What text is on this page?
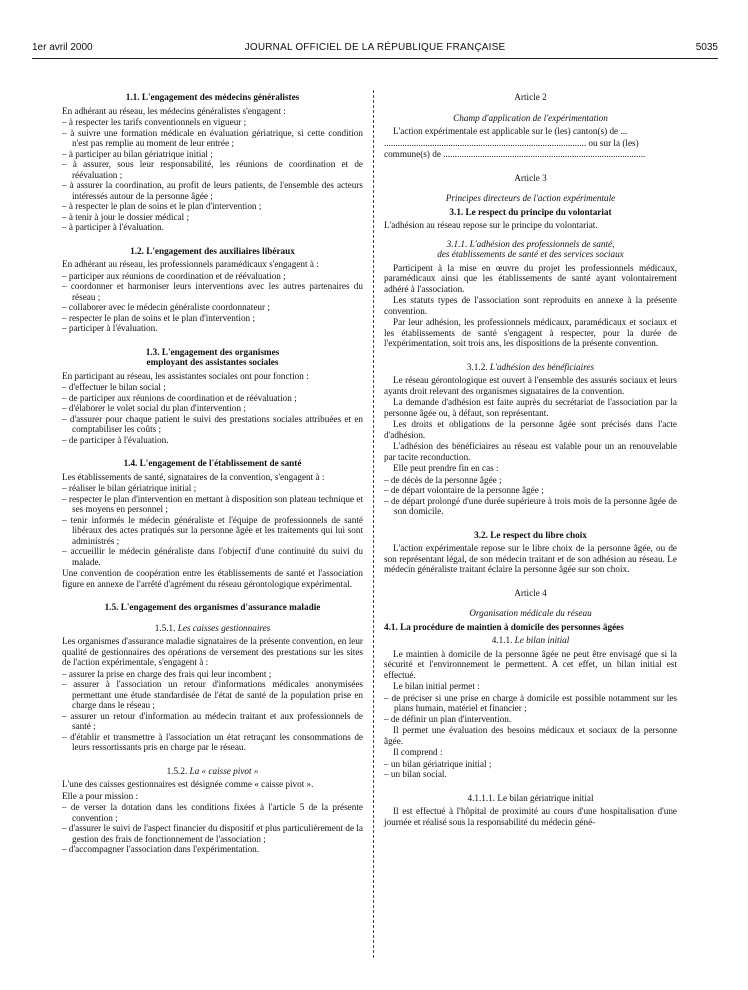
1er avril 2000	JOURNAL OFFICIEL DE LA RÉPUBLIQUE FRANÇAISE	5035
1.1. L'engagement des médecins généralistes

En adhérant au réseau, les médecins généralistes s'engagent :

– à respecter les tarifs conventionnels en vigueur ;
– à suivre une formation médicale en évaluation gériatrique, si cette condition n'est pas remplie au moment de leur entrée ;
– à participer au bilan gériatrique initial ;
– à assurer, sous leur responsabilité, les réunions de coordination et de réévaluation ;
– à assurer la coordination, au profit de leurs patients, de l'ensemble des acteurs intéressés autour de la personne âgée ;
– à respecter le plan de soins et le plan d'intervention ;
– à tenir à jour le dossier médical ;
– à participer à l'évaluation.
1.2. L'engagement des auxiliaires libéraux

En adhérant au réseau, les professionnels paramédicaux s'engagent à :

– participer aux réunions de coordination et de réévaluation ;
– coordonner et harmoniser leurs interventions avec les autres partenaires du réseau ;
– collaborer avec le médecin généraliste coordonnateur ;
– respecter le plan de soins et le plan d'intervention ;
– participer à l'évaluation.
1.3. L'engagement des organismes
employant des assistantes sociales

En participant au réseau, les assistantes sociales ont pour fonction :

– d'effectuer le bilan social ;
– de participer aux réunions de coordination et de réévaluation ;
– d'élaborer le volet social du plan d'intervention ;
– d'assurer pour chaque patient le suivi des prestations sociales attribuées et en comptabiliser les coûts ;
– de participer à l'évaluation.
1.4. L'engagement de l'établissement de santé

Les établissements de santé, signataires de la convention, s'engagent à :

– réaliser le bilan gériatrique initial ;
– respecter le plan d'intervention en mettant à disposition son plateau technique et ses moyens en personnel ;
– tenir informés le médecin généraliste et l'équipe de professionnels de santé libéraux des actes pratiqués sur la personne âgée et les traitements qui lui sont administrés ;
– accueillir le médecin généraliste dans l'objectif d'une continuité du suivi du malade.

Une convention de coopération entre les établissements de santé et l'association figure en annexe de l'arrêté d'agrément du réseau gérontologique expérimental.

1.5. L'engagement des organismes d'assurance maladie
1.5.1. Les caisses gestionnaires

Les organismes d'assurance maladie signataires de la présente convention, en leur qualité de gestionnaires des opérations de versement des prestations sur les sites de l'action expérimentale, s'engagent à :

– assurer la prise en charge des frais qui leur incombent ;
– assurer à l'association un retour d'informations médicales anonymisées permettant une étude standardisée de l'état de santé de la population prise en charge dans le réseau ;
– assurer un retour d'information au médecin traitant et aux professionnels de santé ;
– d'établir et transmettre à l'association un état retraçant les consommations de leurs ressortissants pris en charge par le réseau.
1.5.2. La « caisse pivot »

L'une des caisses gestionnaires est désignée comme « caisse pivot ».

Elle a pour mission :

– de verser la dotation dans les conditions fixées à l'article 5 de la présente convention ;
– d'assurer le suivi de l'aspect financier du dispositif et plus particulièrement de la gestion des frais de fonctionnement de l'association ;
– d'accompagner l'association dans l'expérimentation.
Article 2
Champ d'application de l'expérimentation

L'action expérimentale est applicable sur le (les) canton(s) de ...

........................................................................................ ou sur la (les)

commune(s) de ........................................................................................

Article 3
Principes directeurs de l'action expérimentale
3.1. Le respect du principe du volontariat

L'adhésion au réseau repose sur le principe du volontariat.

3.1.1. L'adhésion des professionnels de santé,
des établissements de santé et des services sociaux

Participent à la mise en œuvre du projet les professionnels médicaux, paramédicaux ainsi que les établissements de santé ayant volontairement adhéré à l'association.

Les statuts types de l'association sont reproduits en annexe à la présente convention.

Par leur adhésion, les professionnels médicaux, paramédicaux et sociaux et les établissements de santé s'engagent à respecter, pour la durée de l'expérimentation, soit trois ans, les dispositions de la présente convention.

3.1.2. L'adhésion des bénéficiaires

Le réseau gérontologique est ouvert à l'ensemble des assurés sociaux et leurs ayants droit relevant des organismes signataires de la convention.

La demande d'adhésion est faite auprès du secrétariat de l'association par la personne âgée ou, à défaut, son représentant.

Les droits et obligations de la personne âgée sont précisés dans l'acte d'adhésion.

L'adhésion des bénéficiaires au réseau est valable pour un an renouvelable par tacite reconduction.

Elle peut prendre fin en cas :

– de décès de la personne âgée ;
– de départ volontaire de la personne âgée ;
– de départ prolongé d'une durée supérieure à trois mois de la personne âgée de son domicile.
3.2. Le respect du libre choix

L'action expérimentale repose sur le libre choix de la personne âgée, ou de son représentant légal, de son médecin traitant et de son adhésion au réseau. Le médecin généraliste traitant éclaire la personne âgée sur son choix.

Article 4
Organisation médicale du réseau
4.1. La procédure de maintien à domicile des personnes âgées
4.1.1. Le bilan initial

Le maintien à domicile de la personne âgée ne peut être envisagé que si la sécurité et l'environnement le permettent. A cet effet, un bilan initial est effectué.

Le bilan initial permet :

– de préciser si une prise en charge à domicile est possible notamment sur les plans humain, matériel et financier ;
– de définir un plan d'intervention.

Il permet une évaluation des besoins médicaux et sociaux de la personne âgée.

Il comprend :

– un bilan gériatrique initial ;
– un bilan social.
4.1.1.1. Le bilan gériatrique initial

Il est effectué à l'hôpital de proximité au cours d'une hospitalisation d'une journée et réalisé sous la responsabilité du médecin géné-
